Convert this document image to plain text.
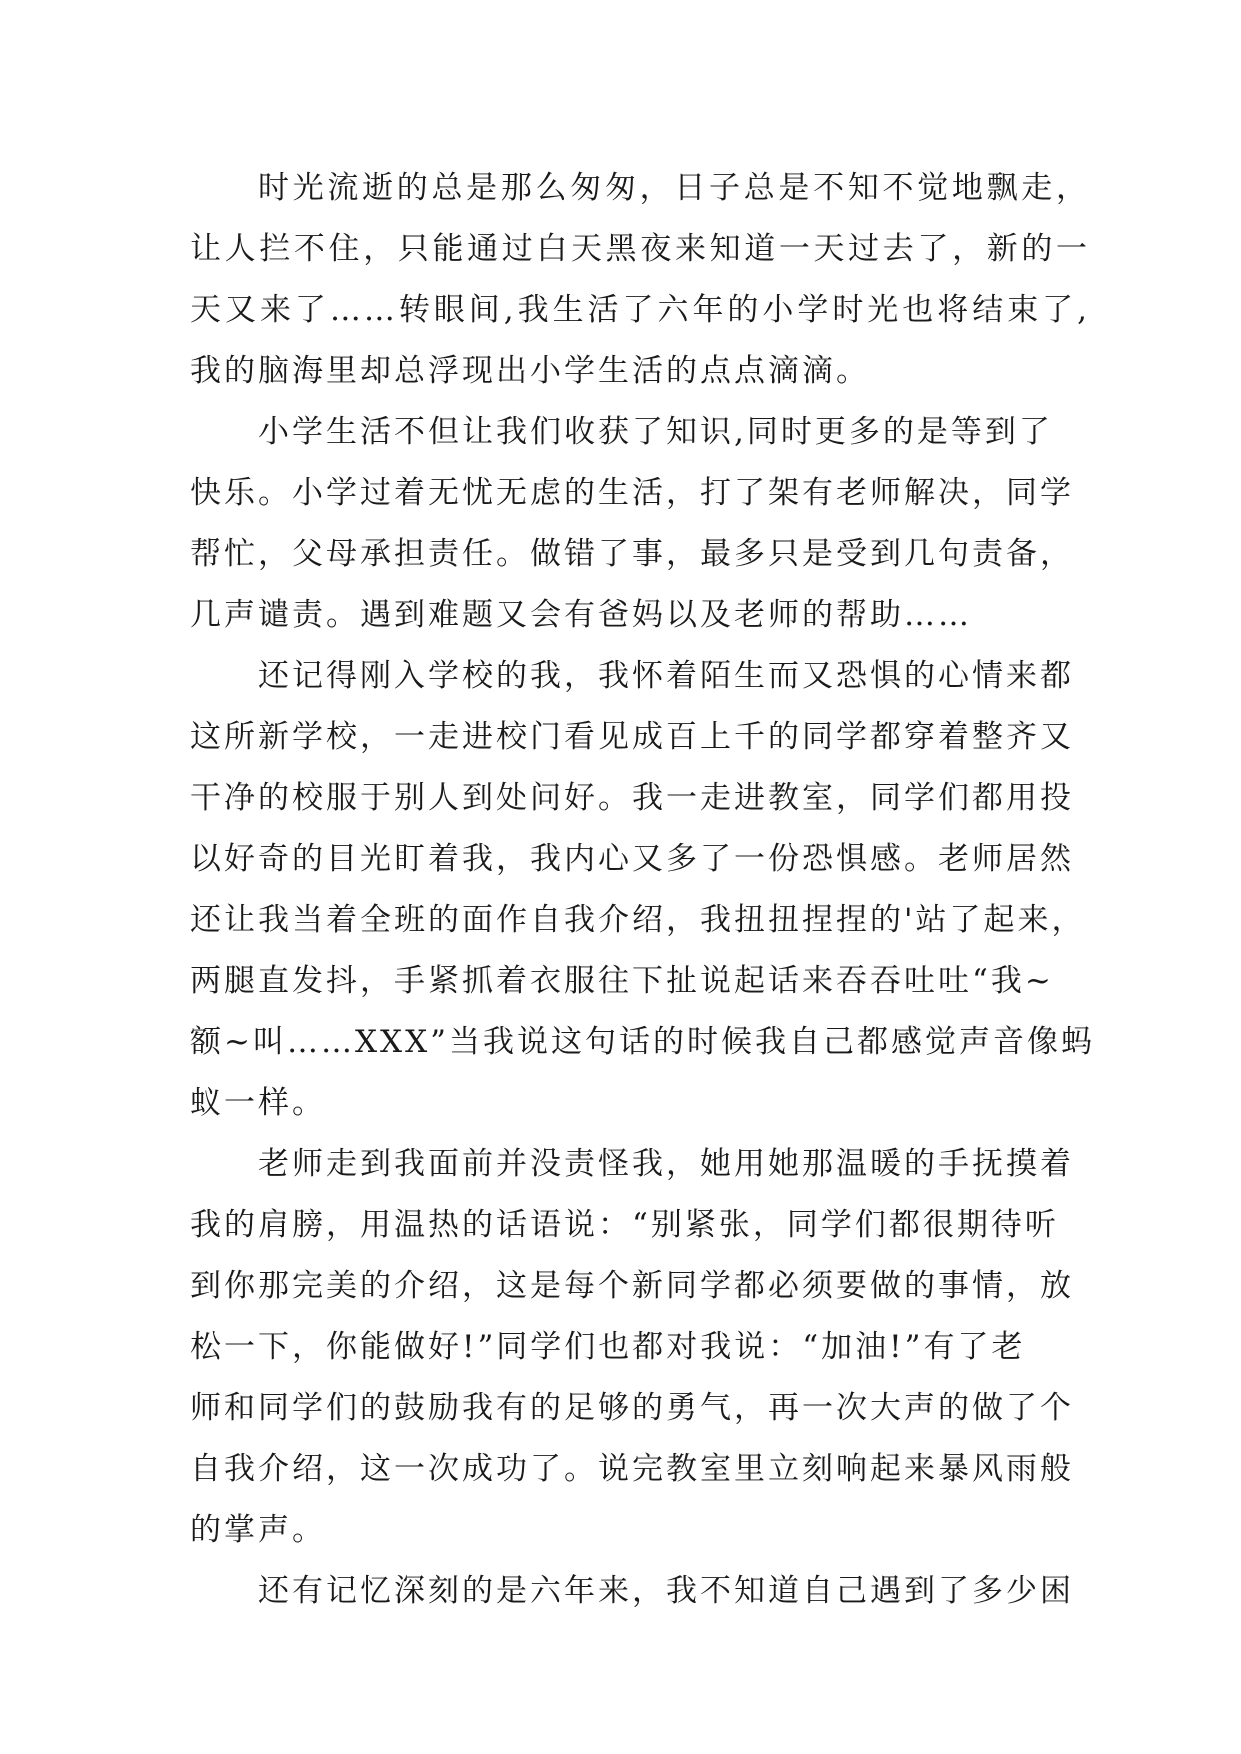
时光流逝的总是那么匆匆，日子总是不知不觉地飘走，
让人拦不住，只能通过白天黑夜来知道一天过去了，新的一
天又来了……转眼间,我生活了六年的小学时光也将结束了,
我的脑海里却总浮现出小学生活的点点滴滴。
小学生活不但让我们收获了知识,同时更多的是等到了
快乐。小学过着无忧无虑的生活，打了架有老师解决，同学
帮忙，父母承担责任。做错了事，最多只是受到几句责备，
几声谴责。遇到难题又会有爸妈以及老师的帮助……
还记得刚入学校的我，我怀着陌生而又恐惧的心情来都
这所新学校，一走进校门看见成百上千的同学都穿着整齐又
干净的校服于别人到处问好。我一走进教室，同学们都用投
以好奇的目光盯着我，我内心又多了一份恐惧感。老师居然
还让我当着全班的面作自我介绍，我扭扭捏捏的'站了起来，
两腿直发抖，手紧抓着衣服往下扯说起话来吞吞吐吐“我~
额~叫……XXX”当我说这句话的时候我自己都感觉声音像蚂
蚁一样。
老师走到我面前并没责怪我，她用她那温暖的手抚摸着
我的肩膀，用温热的话语说：“别紧张，同学们都很期待听
到你那完美的介绍，这是每个新同学都必须要做的事情，放
松一下，你能做好!”同学们也都对我说：“加油!”有了老
师和同学们的鼓励我有的足够的勇气，再一次大声的做了个
自我介绍，这一次成功了。说完教室里立刻响起来暴风雨般
的掌声。
还有记忆深刻的是六年来，我不知道自己遇到了多少困
